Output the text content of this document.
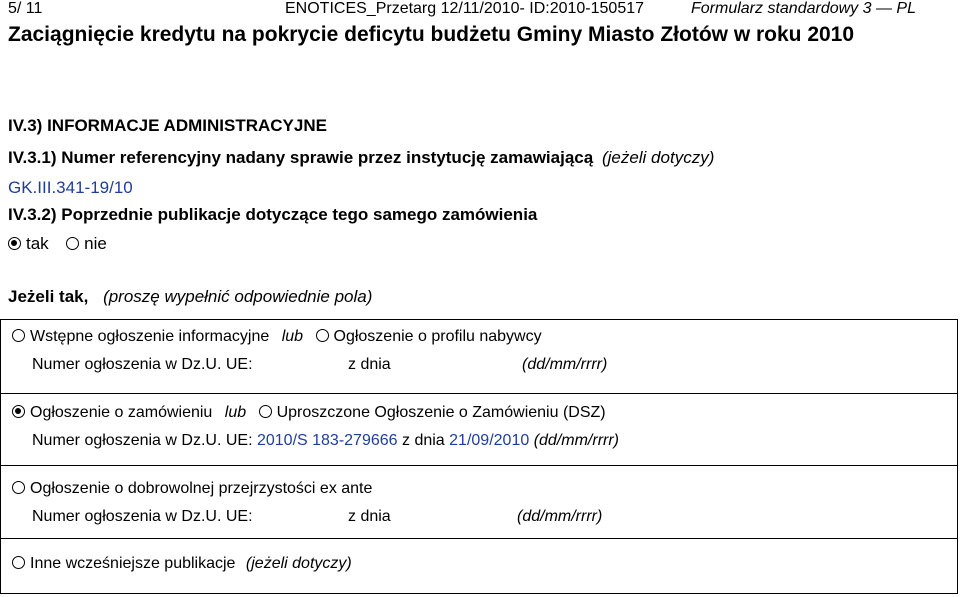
5/ 11	ENOTICES_Przetarg 12/11/2010- ID:2010-150517	Formularz standardowy 3 — PL
Zaciągnięcie kredytu na pokrycie deficytu budżetu Gminy Miasto Złotów w roku 2010
IV.3) INFORMACJE ADMINISTRACYJNE
IV.3.1) Numer referencyjny nadany sprawie przez instytucję zamawiającą (jeżeli dotyczy)
GK.III.341-19/10
IV.3.2) Poprzednie publikacje dotyczące tego samego zamówienia
tak nie
Jeżeli tak, (proszę wypełnić odpowiednie pola)
Wstępne ogłoszenie informacyjne lub Ogłoszenie o profilu nabywcy
Numer ogłoszenia w Dz.U. UE:	z dnia	(dd/mm/rrrr)
Ogłoszenie o zamówieniu lub Uproszczone Ogłoszenie o Zamówieniu (DSZ)
Numer ogłoszenia w Dz.U. UE: 2010/S 183-279666 z dnia 21/09/2010 (dd/mm/rrrr)
Ogłoszenie o dobrowolnej przejrzystości ex ante
Numer ogłoszenia w Dz.U. UE:	z dnia	(dd/mm/rrrr)
Inne wcześniejsze publikacje (jeżeli dotyczy)
